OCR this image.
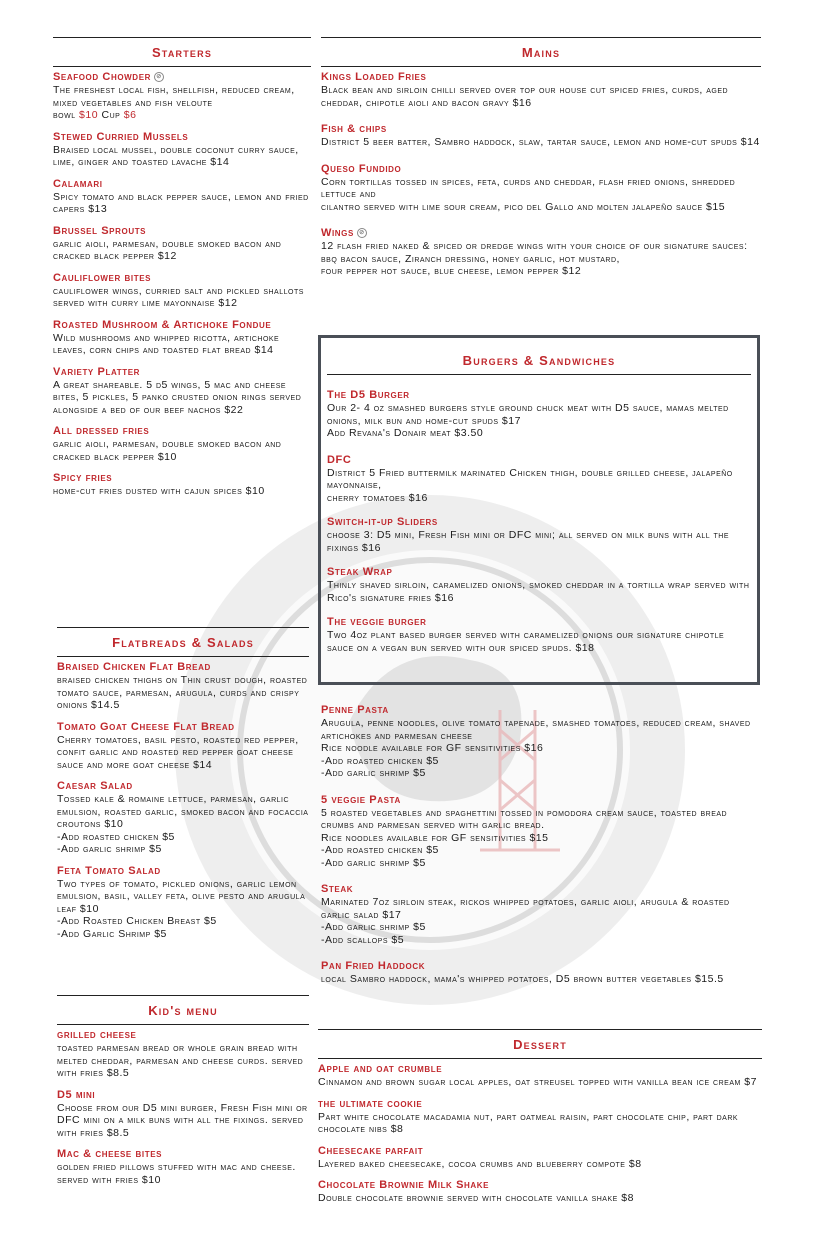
Starters
Seafood Chowder ⊘
The freshest local fish, shellfish, reduced cream, mixed vegetables and fish veloute
bowl $10 Cup $6
Stewed Curried Mussels
Braised local mussel, double coconut curry sauce, lime, ginger and toasted lavache $14
Calamari
Spicy tomato and black pepper sauce, lemon and fried capers $13
Brussel Sprouts
garlic aioli, parmesan, double smoked bacon and cracked black pepper $12
Cauliflower bites
cauliflower wings, curried salt and pickled shallots served with curry lime mayonnaise $12
Roasted Mushroom & Artichoke Fondue
Wild mushrooms and whipped ricotta, artichoke leaves, corn chips and toasted flat bread $14
Variety Platter
A great shareable. 5 d5 wings, 5 mac and cheese bites, 5 pickles, 5 panko crusted onion rings served alongside a bed of our beef nachos $22
All dressed fries
garlic aioli, parmesan, double smoked bacon and cracked black pepper $10
Spicy fries
home-cut fries dusted with cajun spices $10
Flatbreads & Salads
Braised Chicken Flat Bread
braised chicken thighs on Thin crust dough, roasted tomato sauce, parmesan, arugula, curds and crispy onions $14.5
Tomato Goat Cheese Flat Bread
Cherry tomatoes, basil pesto, roasted red pepper, confit garlic and roasted red pepper goat cheese sauce and more goat cheese $14
Caesar Salad
Tossed kale & romaine lettuce, parmesan, garlic emulsion, roasted garlic, smoked bacon and focaccia croutons $10
-Add roasted chicken $5
-Add garlic shrimp $5
Feta Tomato Salad
Two types of tomato, pickled onions, garlic lemon emulsion, basil, valley feta, olive pesto and arugula leaf $10
-Add Roasted Chicken Breast $5
-Add Garlic Shrimp $5
Kid's menu
grilled cheese
toasted parmesan bread or whole grain bread with melted cheddar, parmesan and cheese curds. served with fries $8.5
D5 mini
Choose from our D5 mini burger, Fresh Fish mini or DFC mini on a milk buns with all the fixings. served with fries $8.5
Mac & cheese bites
golden fried pillows stuffed with mac and cheese. served with fries $10
Mains
Kings Loaded Fries
Black bean and sirloin chilli served over top our house cut spiced fries, curds, aged cheddar, chipotle aioli and bacon gravy $16
Fish & chips
District 5 beer batter, Sambro haddock, slaw, tartar sauce, lemon and home-cut spuds $14
Queso Fundido
Corn tortillas tossed in spices, feta, curds and cheddar, flash fried onions, shredded lettuce and
cilantro served with lime sour cream, pico del Gallo and molten jalapeño sauce $15
Wings ⊘
12 flash fried naked & spiced or dredge wings with your choice of our signature sauces:
bbq bacon sauce, Ziranch dressing, honey garlic, hot mustard,
four pepper hot sauce, blue cheese, lemon pepper $12
Burgers & Sandwiches
The D5 Burger
Our 2- 4 oz smashed burgers style ground chuck meat with D5 sauce, mamas melted onions, milk bun and home-cut spuds $17
Add Revana's Donair meat $3.50
DFC
District 5 Fried buttermilk marinated Chicken thigh, double grilled cheese, jalapeño mayonnaise,
cherry tomatoes $16
Switch-it-up Sliders
choose 3: D5 mini, Fresh Fish mini or DFC mini; all served on milk buns with all the fixings $16
Steak Wrap
Thinly shaved sirloin, caramelized onions, smoked cheddar in a tortilla wrap served with Rico's signature fries $16
The veggie burger
Two 4oz plant based burger served with caramelized onions our signature chipotle sauce on a vegan bun served with our spiced spuds. $18
Penne Pasta
Arugula, penne noodles, olive tomato tapenade, smashed tomatoes, reduced cream, shaved artichokes and parmesan cheese
Rice noodle available for GF sensitivities $16
-Add roasted chicken $5
-Add garlic shrimp $5
5 veggie Pasta
5 roasted vegetables and spaghettini tossed in pomodora cream sauce, toasted bread crumbs and parmesan served with garlic bread.
Rice noodles available for GF sensitivities $15
-Add roasted chicken $5
-Add garlic shrimp $5
Steak
Marinated 7oz sirloin steak, rickos whipped potatoes, garlic aioli, arugula & roasted garlic salad $17
-Add garlic shrimp $5
-Add scallops $5
Pan Fried Haddock
local Sambro haddock, mama's whipped potatoes, D5 brown butter vegetables $15.5
Dessert
Apple and oat crumble
Cinnamon and brown sugar local apples, oat streusel topped with vanilla bean ice cream $7
the ultimate cookie
Part white chocolate macadamia nut, part oatmeal raisin, part chocolate chip, part dark chocolate nibs $8
Cheesecake parfait
Layered baked cheesecake, cocoa crumbs and blueberry compote $8
Chocolate Brownie Milk Shake
Double chocolate brownie served with chocolate vanilla shake $8
